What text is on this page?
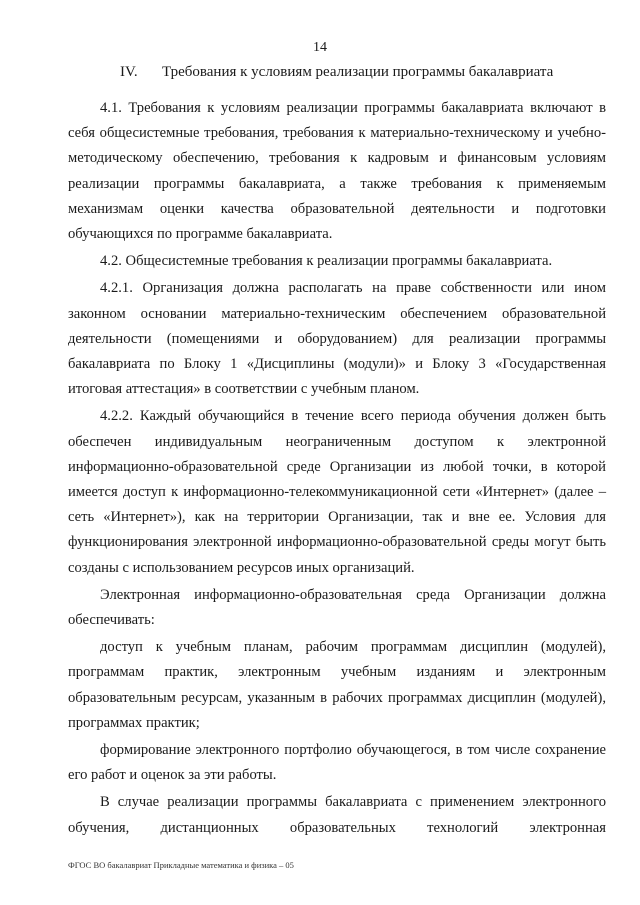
14
IV. Требования к условиям реализации программы бакалавриата

4.1. Требования к условиям реализации программы бакалавриата включают в себя общесистемные требования, требования к материально-техническому и учебно-методическому обеспечению, требования к кадровым и финансовым условиям реализации программы бакалавриата, а также требования к применяемым механизмам оценки качества образовательной деятельности и подготовки обучающихся по программе бакалавриата.

4.2. Общесистемные требования к реализации программы бакалавриата.

4.2.1. Организация должна располагать на праве собственности или ином законном основании материально-техническим обеспечением образовательной деятельности (помещениями и оборудованием) для реализации программы бакалавриата по Блоку 1 «Дисциплины (модули)» и Блоку 3 «Государственная итоговая аттестация» в соответствии с учебным планом.

4.2.2. Каждый обучающийся в течение всего периода обучения должен быть обеспечен индивидуальным неограниченным доступом к электронной информационно-образовательной среде Организации из любой точки, в которой имеется доступ к информационно-телекоммуникационной сети «Интернет» (далее – сеть «Интернет»), как на территории Организации, так и вне ее. Условия для функционирования электронной информационно-образовательной среды могут быть созданы с использованием ресурсов иных организаций.

Электронная информационно-образовательная среда Организации должна обеспечивать:

доступ к учебным планам, рабочим программам дисциплин (модулей), программам практик, электронным учебным изданиям и электронным образовательным ресурсам, указанным в рабочих программах дисциплин (модулей), программах практик;

формирование электронного портфолио обучающегося, в том числе сохранение его работ и оценок за эти работы.

В случае реализации программы бакалавриата с применением электронного обучения, дистанционных образовательных технологий электронная

ФГОС ВО бакалавриат Прикладные математика и физика – 05
